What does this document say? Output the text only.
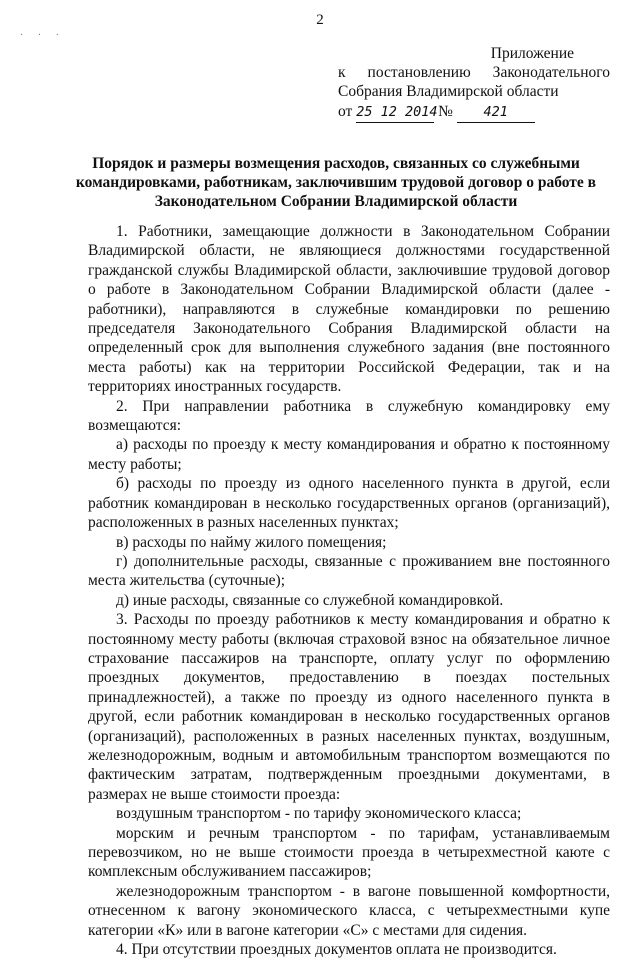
· · ·
2
Приложение
к постановлению Законодательного Собрания Владимирской области
от 25 12 2014 № 421
Порядок и размеры возмещения расходов, связанных со служебными командировками, работникам, заключившим трудовой договор о работе в Законодательном Собрании Владимирской области

1. Работники, замещающие должности в Законодательном Собрании Владимирской области, не являющиеся должностями государственной гражданской службы Владимирской области, заключившие трудовой договор о работе в Законодательном Собрании Владимирской области (далее - работники), направляются в служебные командировки по решению председателя Законодательного Собрания Владимирской области на определенный срок для выполнения служебного задания (вне постоянного места работы) как на территории Российской Федерации, так и на территориях иностранных государств.

2. При направлении работника в служебную командировку ему возмещаются:

а) расходы по проезду к месту командирования и обратно к постоянному месту работы;

б) расходы по проезду из одного населенного пункта в другой, если работник командирован в несколько государственных органов (организаций), расположенных в разных населенных пунктах;

в) расходы по найму жилого помещения;

г) дополнительные расходы, связанные с проживанием вне постоянного места жительства (суточные);

д) иные расходы, связанные со служебной командировкой.

3. Расходы по проезду работников к месту командирования и обратно к постоянному месту работы (включая страховой взнос на обязательное личное страхование пассажиров на транспорте, оплату услуг по оформлению проездных документов, предоставлению в поездах постельных принадлежностей), а также по проезду из одного населенного пункта в другой, если работник командирован в несколько государственных органов (организаций), расположенных в разных населенных пунктах, воздушным, железнодорожным, водным и автомобильным транспортом возмещаются по фактическим затратам, подтвержденным проездными документами, в размерах не выше стоимости проезда:

воздушным транспортом - по тарифу экономического класса;

морским и речным транспортом - по тарифам, устанавливаемым перевозчиком, но не выше стоимости проезда в четырехместной каюте с комплексным обслуживанием пассажиров;

железнодорожным транспортом - в вагоне повышенной комфортности, отнесенном к вагону экономического класса, с четырехместными купе категории «К» или в вагоне категории «С» с местами для сидения.

4. При отсутствии проездных документов оплата не производится.
